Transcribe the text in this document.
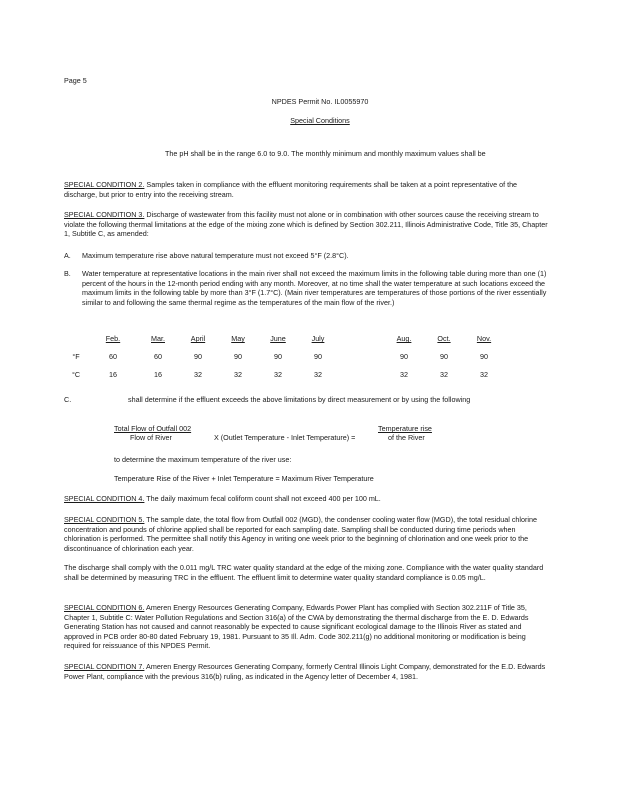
Page 5
NPDES Permit No. IL0055970
Special Conditions
The pH shall be in the range 6.0 to 9.0. The monthly minimum and monthly maximum values shall be
SPECIAL CONDITION 2. Samples taken in compliance with the effluent monitoring requirements shall be taken at a point representative of the discharge, but prior to entry into the receiving stream.
SPECIAL CONDITION 3. Discharge of wastewater from this facility must not alone or in combination with other sources cause the receiving stream to violate the following thermal limitations at the edge of the mixing zone which is defined by Section 302.211, Illinois Administrative Code, Title 35, Chapter 1, Subtitle C, as amended:
A. Maximum temperature rise above natural temperature must not exceed 5°F (2.8°C).
B. Water temperature at representative locations in the main river shall not exceed the maximum limits in the following table during more than one (1) percent of the hours in the 12-month period ending with any month. Moreover, at no time shall the water temperature at such locations exceed the maximum limits in the following table by more than 3°F (1.7°C). (Main river temperatures are temperatures of those portions of the river essentially similar to and following the same thermal regime as the temperatures of the main flow of the river.)
	Feb.	Mar.	April	May	June	July		Aug.	Oct.	Nov.

°F	60	60	90	90	90	90		90	90	90

°C	16	16	32	32	32	32		32	32	32
C.	shall determine if the effluent exceeds the above limitations by direct measurement or by using the following
Total Flow of Outfall 002
Flow of River	X (Outlet Temperature - Inlet Temperature) =
Temperature rise
of the River
to determine the maximum temperature of the river use:
Temperature Rise of the River + Inlet Temperature = Maximum River Temperature
SPECIAL CONDITION 4. The daily maximum fecal coliform count shall not exceed 400 per 100 mL.
SPECIAL CONDITION 5. The sample date, the total flow from Outfall 002 (MGD), the condenser cooling water flow (MGD), the total residual chlorine concentration and pounds of chlorine applied shall be reported for each sampling date. Sampling shall be conducted during time periods when chlorination is performed. The permittee shall notify this Agency in writing one week prior to the beginning of chlorination and one week prior to the discontinuance of chlorination each year.
The discharge shall comply with the 0.011 mg/L TRC water quality standard at the edge of the mixing zone. Compliance with the water quality standard shall be determined by measuring TRC in the effluent. The effluent limit to determine water quality standard compliance is 0.05 mg/L.
SPECIAL CONDITION 6. Ameren Energy Resources Generating Company, Edwards Power Plant has complied with Section 302.211F of Title 35, Chapter 1, Subtitle C: Water Pollution Regulations and Section 316(a) of the CWA by demonstrating the thermal discharge from the E. D. Edwards Generating Station has not caused and cannot reasonably be expected to cause significant ecological damage to the Illinois River as stated and approved in PCB order 80-80 dated February 19, 1981. Pursuant to 35 Ill. Adm. Code 302.211(g) no additional monitoring or modification is being required for reissuance of this NPDES Permit.
SPECIAL CONDITION 7. Ameren Energy Resources Generating Company, formerly Central Illinois Light Company, demonstrated for the E.D. Edwards Power Plant, compliance with the previous 316(b) ruling, as indicated in the Agency letter of December 4, 1981.
